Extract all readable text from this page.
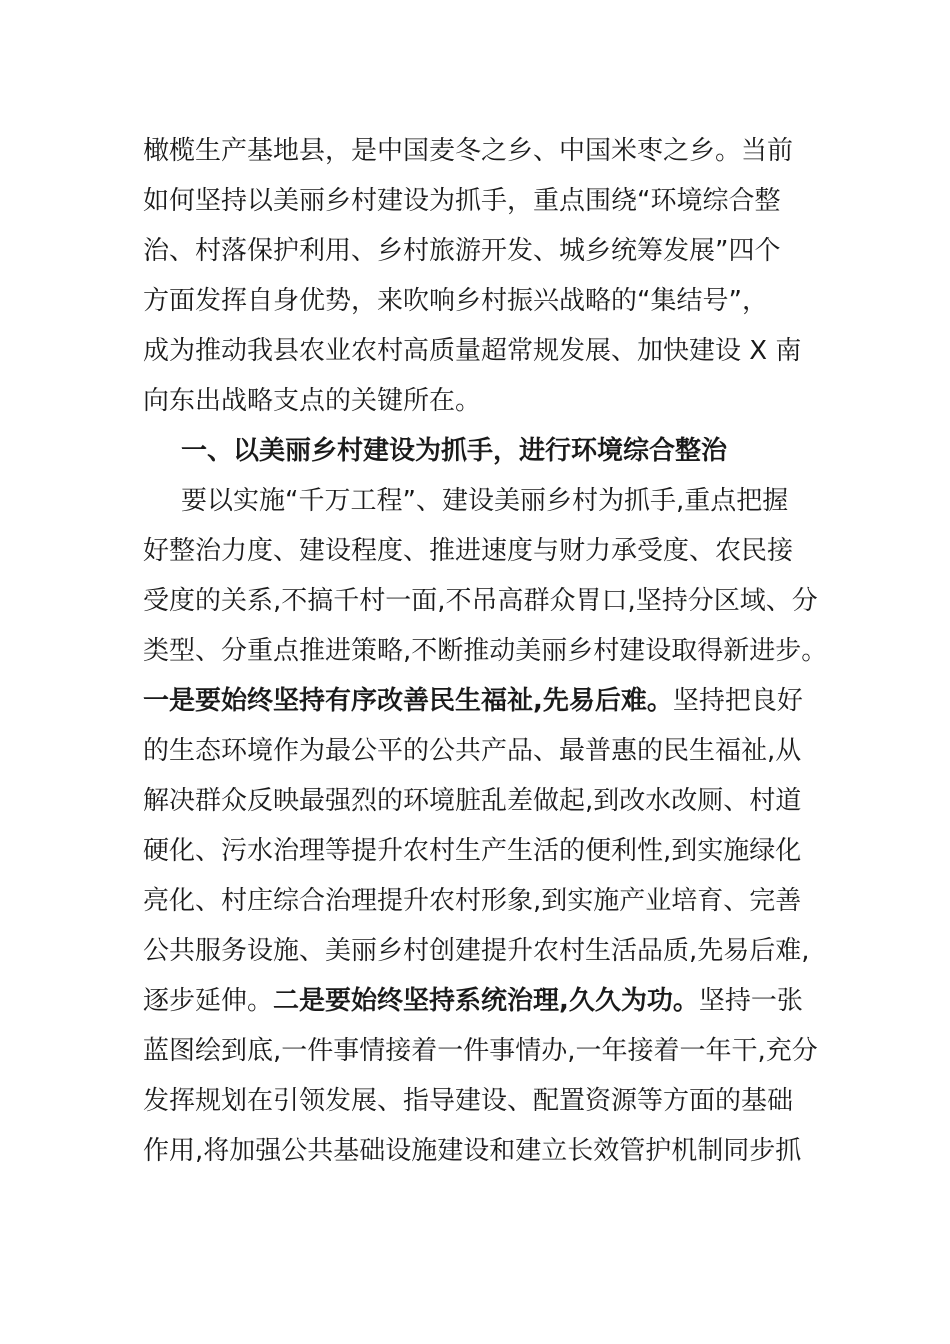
橄榄生产基地县，是中国麦冬之乡、中国米枣之乡。当前
如何坚持以美丽乡村建设为抓手，重点围绕“环境综合整
治、村落保护利用、乡村旅游开发、城乡统筹发展”四个
方面发挥自身优势，来吹响乡村振兴战略的“集结号”，
成为推动我县农业农村高质量超常规发展、加快建设 X 南
向东出战略支点的关键所在。
一、以美丽乡村建设为抓手，进行环境综合整治
要以实施“千万工程”、建设美丽乡村为抓手,重点把握
好整治力度、建设程度、推进速度与财力承受度、农民接
受度的关系,不搞千村一面,不吊高群众胃口,坚持分区域、分
类型、分重点推进策略,不断推动美丽乡村建设取得新进步。
一是要始终坚持有序改善民生福祉,先易后难。坚持把良好
的生态环境作为最公平的公共产品、最普惠的民生福祉,从
解决群众反映最强烈的环境脏乱差做起,到改水改厕、村道
硬化、污水治理等提升农村生产生活的便利性,到实施绿化
亮化、村庄综合治理提升农村形象,到实施产业培育、完善
公共服务设施、美丽乡村创建提升农村生活品质,先易后难,
逐步延伸。二是要始终坚持系统治理,久久为功。坚持一张
蓝图绘到底,一件事情接着一件事情办,一年接着一年干,充分
发挥规划在引领发展、指导建设、配置资源等方面的基础
作用,将加强公共基础设施建设和建立长效管护机制同步抓
